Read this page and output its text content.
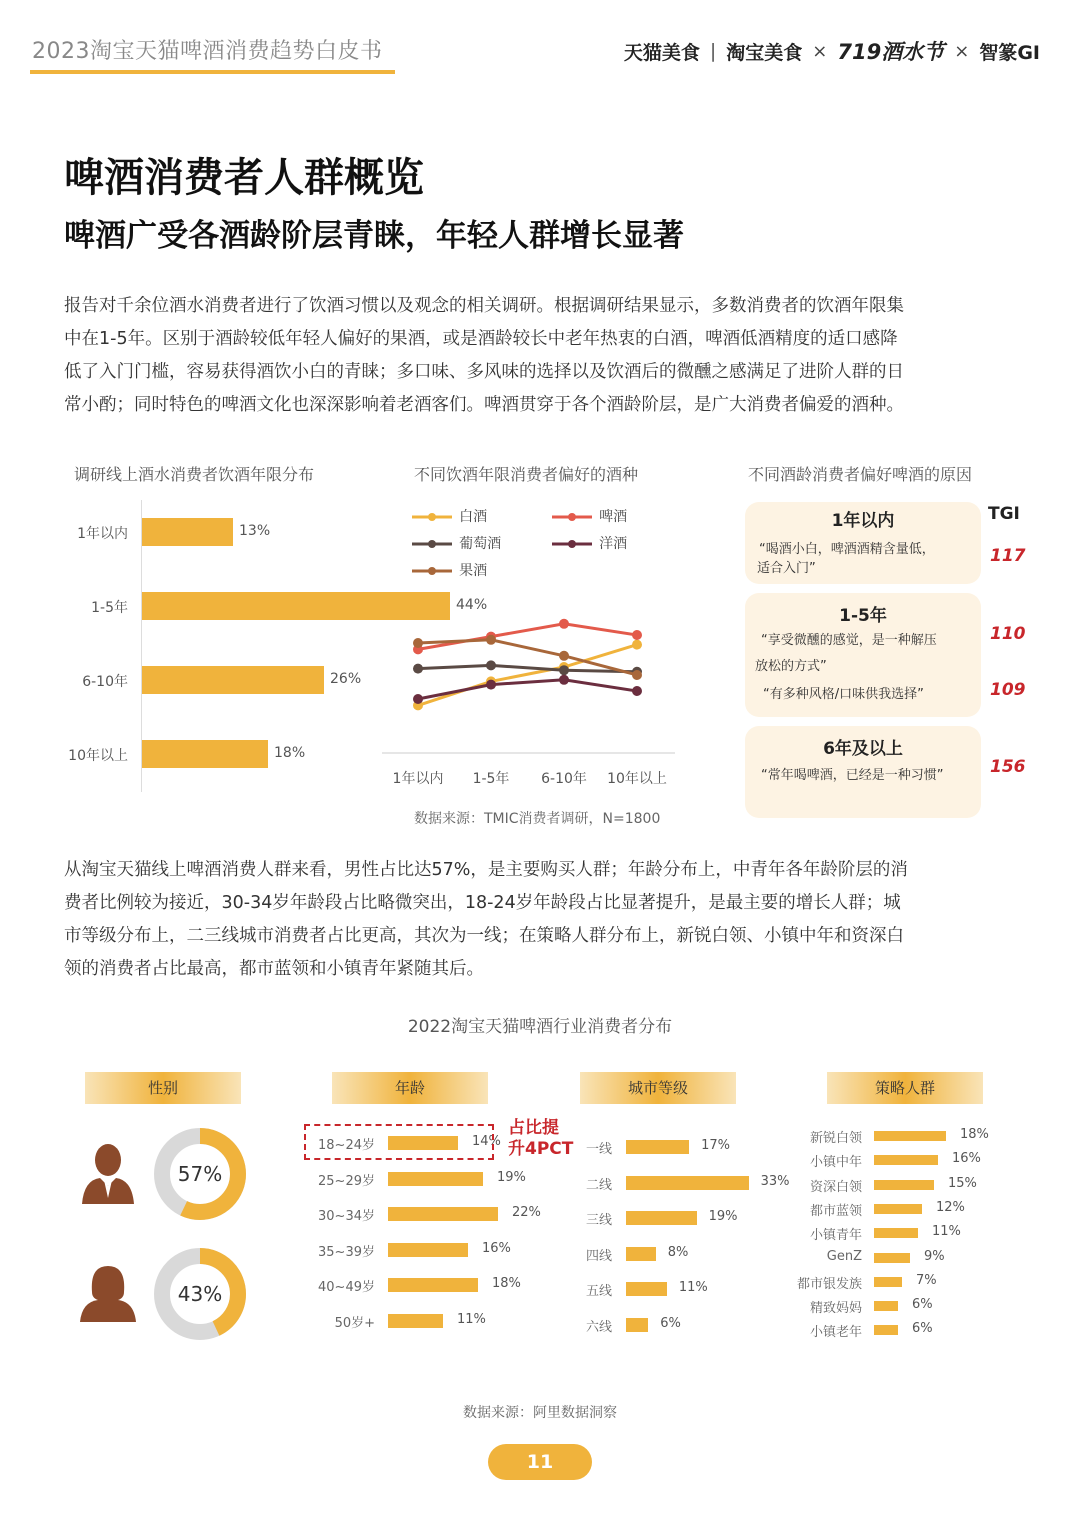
2023淘宝天猫啤酒消费趋势白皮书	天猫美食 | 淘宝美食 × 719酒水节 × 智篆GI
啤酒消费者人群概览
啤酒广受各酒龄阶层青睐，年轻人群增长显著
报告对千余位酒水消费者进行了饮酒习惯以及观念的相关调研。根据调研结果显示，多数消费者的饮酒年限集
中在1-5年。区别于酒龄较低年轻人偏好的果酒，或是酒龄较长中老年热衷的白酒，啤酒低酒精度的适口感降
低了入门门槛，容易获得酒饮小白的青睐；多口味、多风味的选择以及饮酒后的微醺之感满足了进阶人群的日
常小酌；同时特色的啤酒文化也深深影响着老酒客们。啤酒贯穿于各个酒龄阶层，是广大消费者偏爱的酒种。
调研线上酒水消费者饮酒年限分布
1年以内	13%
1-5年	44%
6-10年	26%
10年以上	18%
不同饮酒年限消费者偏好的酒种
白酒	啤酒
葡萄酒	洋酒
果酒
1年以内 1-5年 6-10年 10年以上
数据来源：TMIC消费者调研，N=1800
不同酒龄消费者偏好啤酒的原因
TGI
1年以内
“喝酒小白，啤酒酒精含量低，
适合入门”
117
1-5年
“享受微醺的感觉，是一种解压
放松的方式”
“有多种风格/口味供我选择”
110
109
6年及以上
“常年喝啤酒，已经是一种习惯”	156
从淘宝天猫线上啤酒消费人群来看，男性占比达57%，是主要购买人群；年龄分布上，中青年各年龄阶层的消
费者比例较为接近，30-34岁年龄段占比略微突出，18-24岁年龄段占比显著提升，是最主要的增长人群；城
市等级分布上，二三线城市消费者占比更高，其次为一线；在策略人群分布上，新锐白领、小镇中年和资深白
领的消费者占比最高，都市蓝领和小镇青年紧随其后。
2022淘宝天猫啤酒行业消费者分布
性别	年龄	城市等级	策略人群
57%
43%
18~24岁	14%
25~29岁	19%
30~34岁	22%
35~39岁	16%
40~49岁	18%
50岁+	11%
占比提
升4PCT 一线	17%
二线	33%
三线	19%
四线	8%
五线	11%
六线	6%
新锐白领	18%
小镇中年	16%
资深白领	15%
都市蓝领	12%
小镇青年	11%
GenZ	9%
都市银发族	7%
精致妈妈	6%
小镇老年	6%
数据来源：阿里数据洞察
11
